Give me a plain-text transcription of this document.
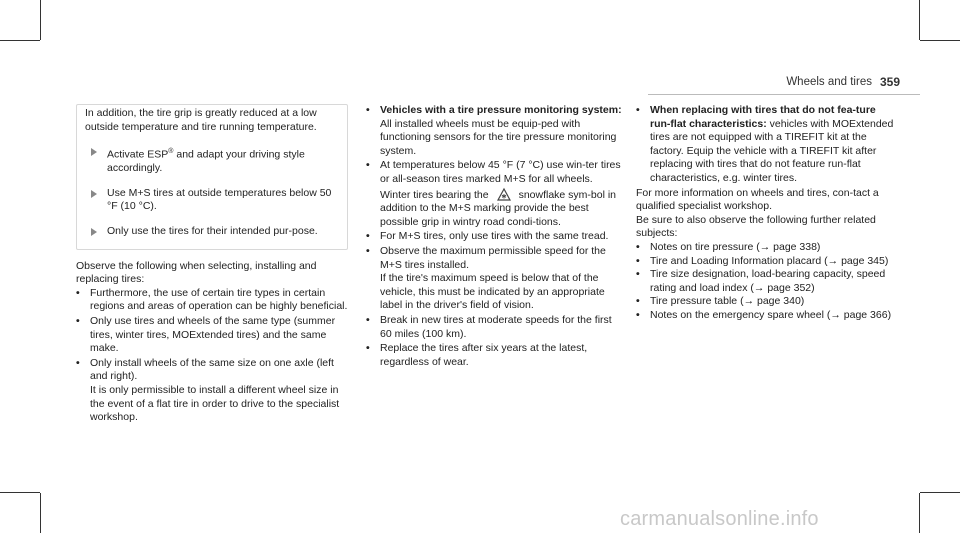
Wheels and tires 359

In addition, the tire grip is greatly reduced at a low outside temperature and tire running temperature.

Activate ESP® and adapt your driving style accordingly.
Use M+S tires at outside temperatures below 50 °F (10 °C).
Only use the tires for their intended pur-pose.

Observe the following when selecting, installing and replacing tires:

• Furthermore, the use of certain tire types in certain regions and areas of operation can be highly beneficial.
• Only use tires and wheels of the same type (summer tires, winter tires, MOExtended tires) and the same make.
• Only install wheels of the same size on one axle (left and right).

It is only permissible to install a different wheel size in the event of a flat tire in order to drive to the specialist workshop.

• Vehicles with a tire pressure monitoring system: All installed wheels must be equip-ped with functioning sensors for the tire pressure monitoring system.
• At temperatures below 45 °F (7 °C) use win-ter tires or all-season tires marked M+S for all wheels.

Winter tires bearing the	snowflake sym-bol in addition to the M+S marking provide the best possible grip in wintry road condi-tions.

• For M+S tires, only use tires with the same tread.
• Observe the maximum permissible speed for the M+S tires installed.

If the tire's maximum speed is below that of the vehicle, this must be indicated by an appropriate label in the driver's field of vision.

• Break in new tires at moderate speeds for the first 60 miles (100 km).
• Replace the tires after six years at the latest, regardless of wear.
• When replacing with tires that do not fea-ture run-flat characteristics: vehicles with MOExtended tires are not equipped with a TIREFIT kit at the factory. Equip the vehicle with a TIREFIT kit after replacing with tires that do not feature run-flat characteristics, e.g. winter tires.

For more information on wheels and tires, con-tact a qualified specialist workshop.

Be sure to also observe the following further related subjects:

• Notes on tire pressure (→ page 338)
• Tire and Loading Information placard (→ page 345)
• Tire size designation, load-bearing capacity, speed rating and load index (→ page 352)
• Tire pressure table (→ page 340)
• Notes on the emergency spare wheel (→ page 366)
carmanualsonline.info
